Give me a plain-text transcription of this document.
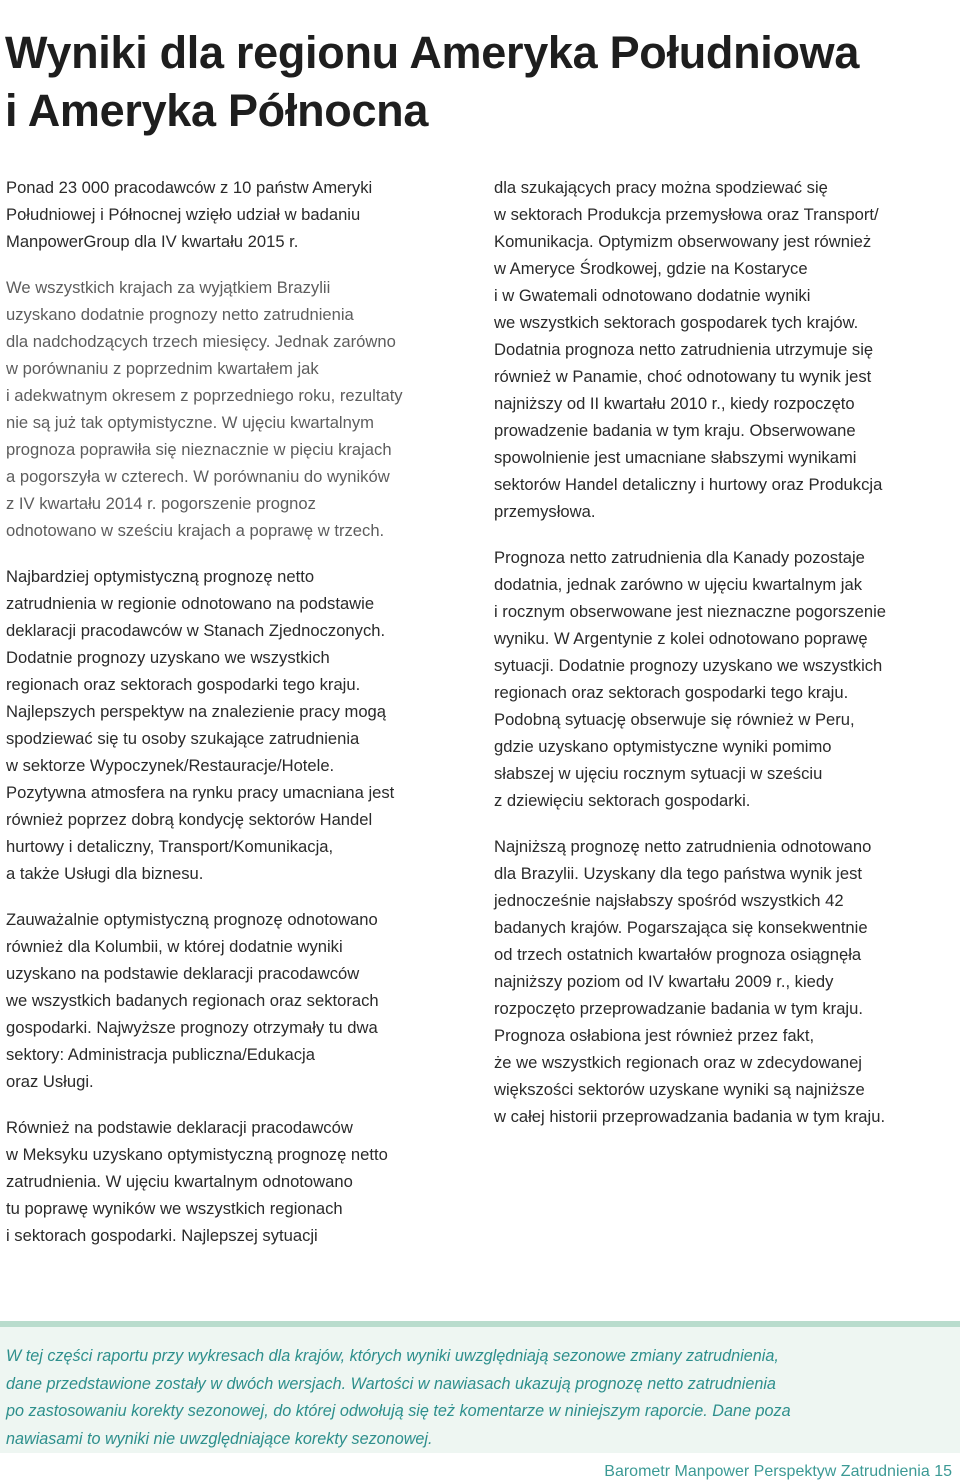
Wyniki dla regionu Ameryka Południowa
i Ameryka Północna

Ponad 23 000 pracodawców z 10 państw Ameryki
Południowej i Północnej wzięło udział w badaniu
ManpowerGroup dla IV kwartału 2015 r.

We wszystkich krajach za wyjątkiem Brazylii
uzyskano dodatnie prognozy netto zatrudnienia
dla nadchodzących trzech miesięcy. Jednak zarówno
w porównaniu z poprzednim kwartałem jak
i adekwatnym okresem z poprzedniego roku, rezultaty
nie są już tak optymistyczne. W ujęciu kwartalnym
prognoza poprawiła się nieznacznie w pięciu krajach
a pogorszyła w czterech. W porównaniu do wyników
z IV kwartału 2014 r. pogorszenie prognoz
odnotowano w sześciu krajach a poprawę w trzech.

Najbardziej optymistyczną prognozę netto
zatrudnienia w regionie odnotowano na podstawie
deklaracji pracodawców w Stanach Zjednoczonych.
Dodatnie prognozy uzyskano we wszystkich
regionach oraz sektorach gospodarki tego kraju.
Najlepszych perspektyw na znalezienie pracy mogą
spodziewać się tu osoby szukające zatrudnienia
w sektorze Wypoczynek/Restauracje/Hotele.
Pozytywna atmosfera na rynku pracy umacniana jest
również poprzez dobrą kondycję sektorów Handel
hurtowy i detaliczny, Transport/Komunikacja,
a także Usługi dla biznesu.

Zauważalnie optymistyczną prognozę odnotowano
również dla Kolumbii, w której dodatnie wyniki
uzyskano na podstawie deklaracji pracodawców
we wszystkich badanych regionach oraz sektorach
gospodarki. Najwyższe prognozy otrzymały tu dwa
sektory: Administracja publiczna/Edukacja
oraz Usługi.

Również na podstawie deklaracji pracodawców
w Meksyku uzyskano optymistyczną prognozę netto
zatrudnienia. W ujęciu kwartalnym odnotowano
tu poprawę wyników we wszystkich regionach
i sektorach gospodarki. Najlepszej sytuacji

dla szukających pracy można spodziewać się
w sektorach Produkcja przemysłowa oraz Transport/
Komunikacja. Optymizm obserwowany jest również
w Ameryce Środkowej, gdzie na Kostaryce
i w Gwatemali odnotowano dodatnie wyniki
we wszystkich sektorach gospodarek tych krajów.
Dodatnia prognoza netto zatrudnienia utrzymuje się
również w Panamie, choć odnotowany tu wynik jest
najniższy od II kwartału 2010 r., kiedy rozpoczęto
prowadzenie badania w tym kraju. Obserwowane
spowolnienie jest umacniane słabszymi wynikami
sektorów Handel detaliczny i hurtowy oraz Produkcja
przemysłowa.

Prognoza netto zatrudnienia dla Kanady pozostaje
dodatnia, jednak zarówno w ujęciu kwartalnym jak
i rocznym obserwowane jest nieznaczne pogorszenie
wyniku. W Argentynie z kolei odnotowano poprawę
sytuacji. Dodatnie prognozy uzyskano we wszystkich
regionach oraz sektorach gospodarki tego kraju.
Podobną sytuację obserwuje się również w Peru,
gdzie uzyskano optymistyczne wyniki pomimo
słabszej w ujęciu rocznym sytuacji w sześciu
z dziewięciu sektorach gospodarki.

Najniższą prognozę netto zatrudnienia odnotowano
dla Brazylii. Uzyskany dla tego państwa wynik jest
jednocześnie najsłabszy spośród wszystkich 42
badanych krajów. Pogarszająca się konsekwentnie
od trzech ostatnich kwartałów prognoza osiągnęła
najniższy poziom od IV kwartału 2009 r., kiedy
rozpoczęto przeprowadzanie badania w tym kraju.
Prognoza osłabiona jest również przez fakt,
że we wszystkich regionach oraz w zdecydowanej
większości sektorów uzyskane wyniki są najniższe
w całej historii przeprowadzania badania w tym kraju.

W tej części raportu przy wykresach dla krajów, których wyniki uwzględniają sezonowe zmiany zatrudnienia,
dane przedstawione zostały w dwóch wersjach. Wartości w nawiasach ukazują prognozę netto zatrudnienia
po zastosowaniu korekty sezonowej, do której odwołują się też komentarze w niniejszym raporcie. Dane poza
nawiasami to wyniki nie uwzględniające korekty sezonowej.
Barometr Manpower Perspektyw Zatrudnienia 15
